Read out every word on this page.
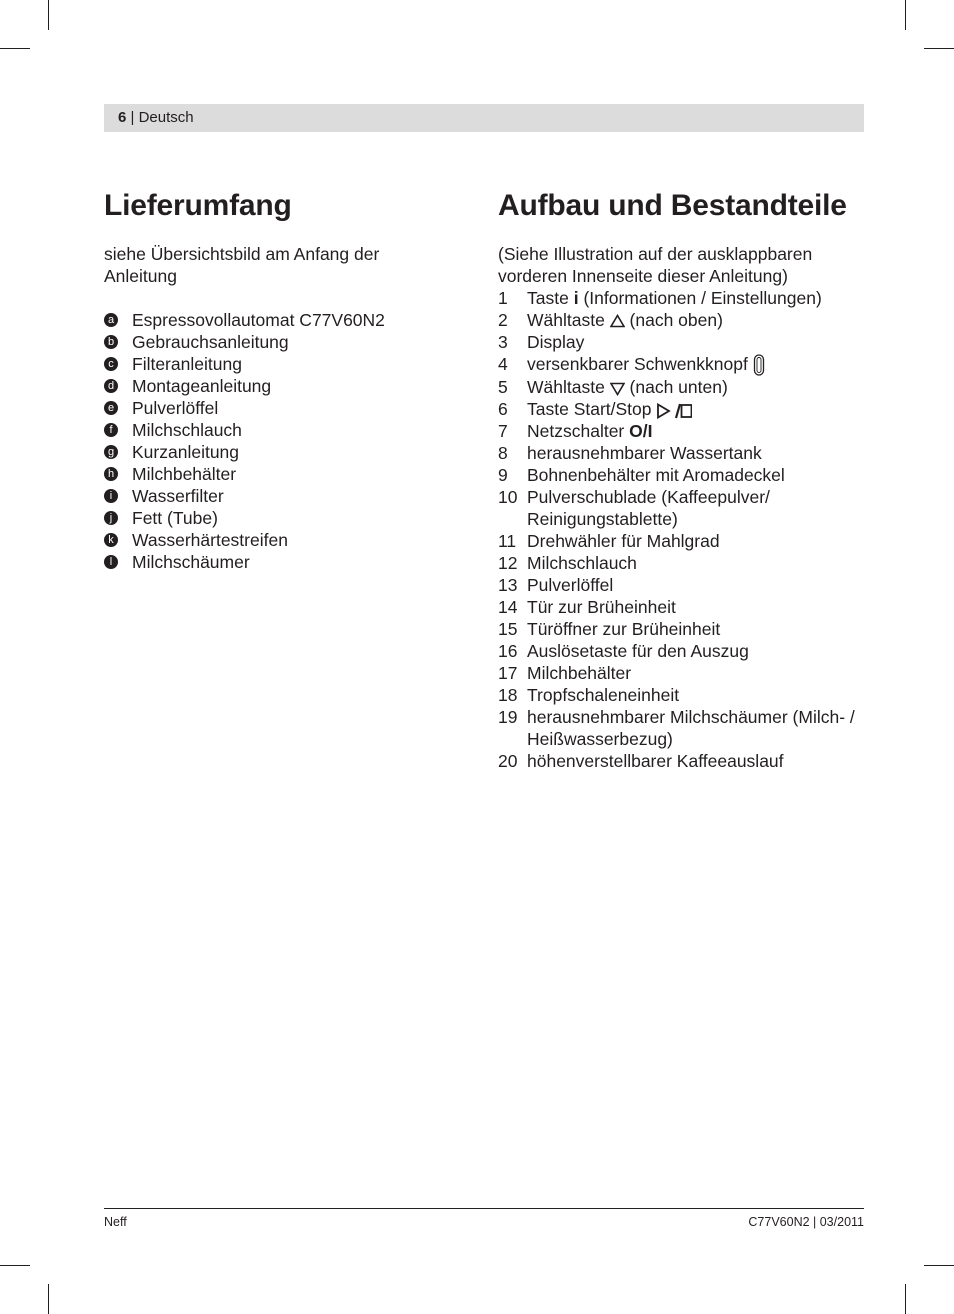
6 | Deutsch
Lieferumfang

siehe Übersichtsbild am Anfang der Anleitung

a Espressovollautomat C77V60N2
b Gebrauchsanleitung
c Filteranleitung
d Montageanleitung
e Pulverlöffel
f	Milchschlauch
g Kurzanleitung
h Milchbehälter
i	Wasserfilter
j	Fett (Tube)
k Wasserhärtestreifen
l	Milchschäumer
Aufbau und Bestandteile

(Siehe Illustration auf der ausklappbaren vorderen Innenseite dieser Anleitung)

1	Taste i (Informationen / Einstellungen)
2	Wähltaste  (nach oben)
3	Display
4	versenkbarer Schwenkknopf
5	Wähltaste  (nach unten)
6	Taste Start/Stop
7	Netzschalter O/I
8	herausnehmbarer Wassertank
9	Bohnenbehälter mit Aromadeckel
10 Pulverschublade (Kaffeepulver/ Reinigungstablette)
11 Drehwähler für Mahlgrad
12 Milchschlauch
13 Pulverlöffel
14 Tür zur Brüheinheit
15 Türöffner zur Brüheinheit
16 Auslösetaste für den Auszug
17 Milchbehälter
18 Tropfschaleneinheit
19 herausnehmbarer Milchschäumer (Milch- / Heißwasserbezug)
20 höhenverstellbarer Kaffeeauslauf
Neff	C77V60N2 | 03/2011
